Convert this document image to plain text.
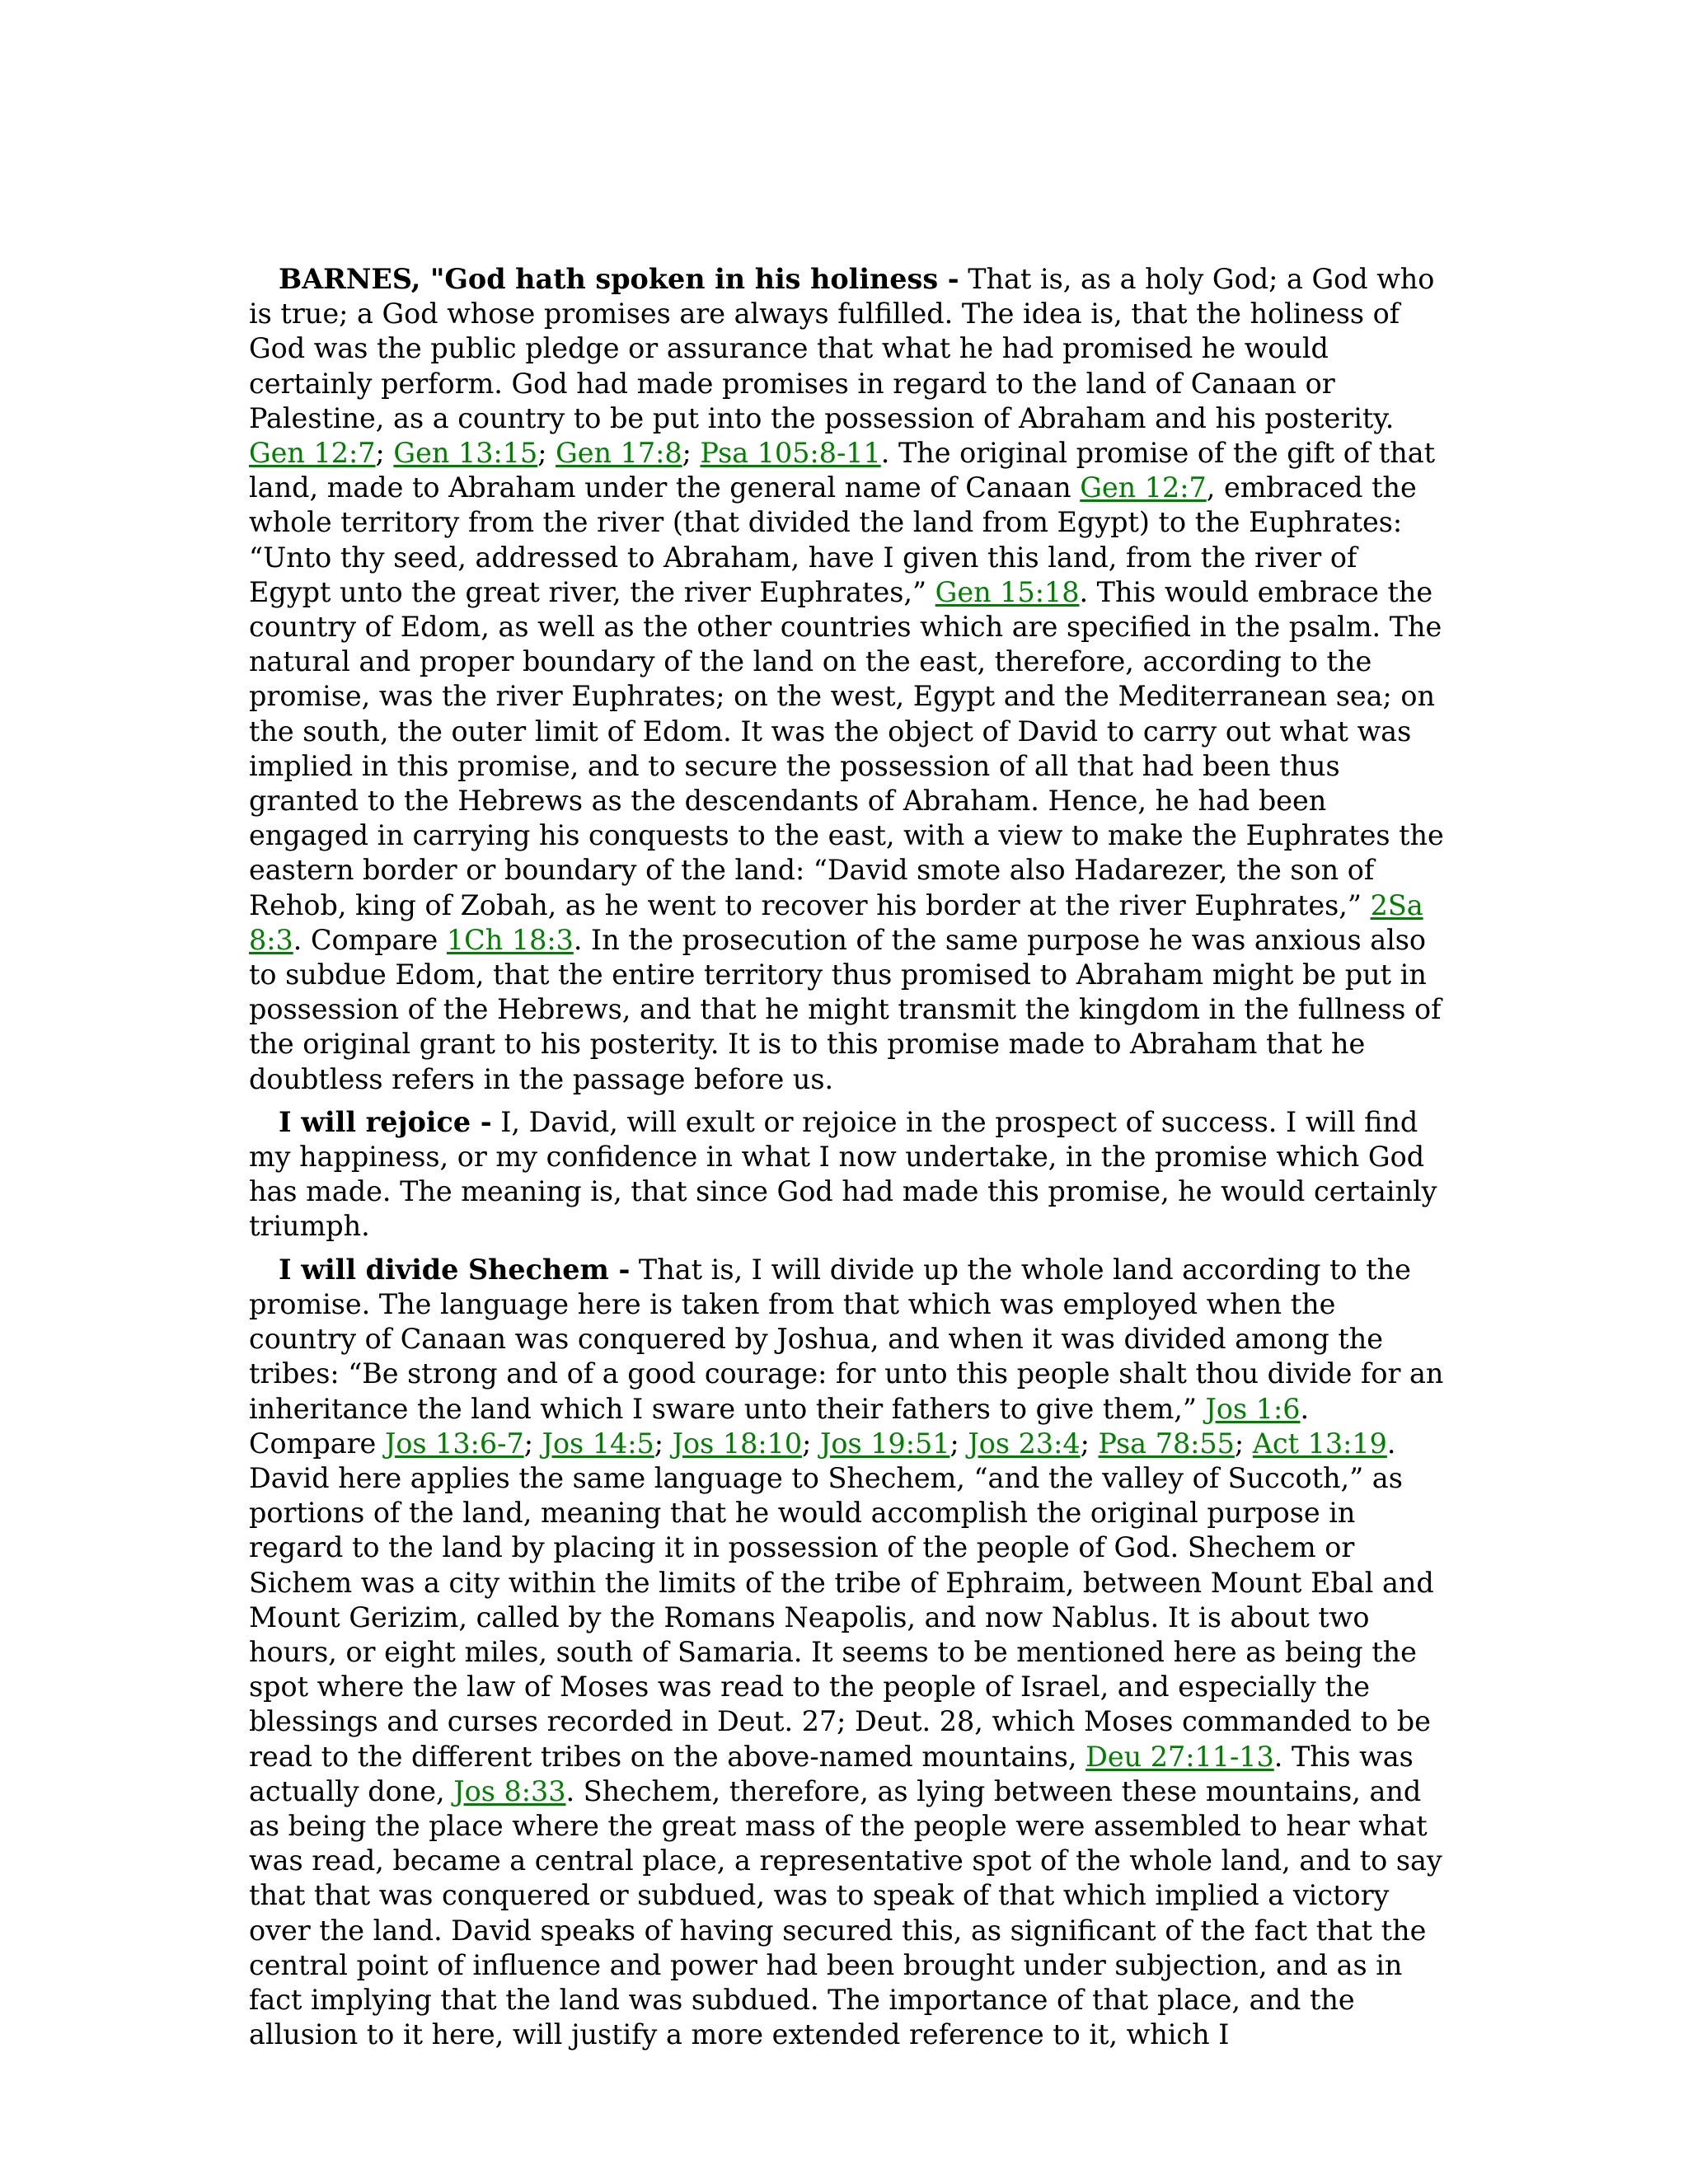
BARNES, "God hath spoken in his holiness - That is, as a holy God; a God who is true; a God whose promises are always fulfilled. The idea is, that the holiness of God was the public pledge or assurance that what he had promised he would certainly perform. God had made promises in regard to the land of Canaan or Palestine, as a country to be put into the possession of Abraham and his posterity. Gen 12:7; Gen 13:15; Gen 17:8; Psa 105:8-11. The original promise of the gift of that land, made to Abraham under the general name of Canaan Gen 12:7, embraced the whole territory from the river (that divided the land from Egypt) to the Euphrates: “Unto thy seed, addressed to Abraham, have I given this land, from the river of Egypt unto the great river, the river Euphrates,” Gen 15:18. This would embrace the country of Edom, as well as the other countries which are specified in the psalm. The natural and proper boundary of the land on the east, therefore, according to the promise, was the river Euphrates; on the west, Egypt and the Mediterranean sea; on the south, the outer limit of Edom. It was the object of David to carry out what was implied in this promise, and to secure the possession of all that had been thus granted to the Hebrews as the descendants of Abraham. Hence, he had been engaged in carrying his conquests to the east, with a view to make the Euphrates the eastern border or boundary of the land: “David smote also Hadarezer, the son of Rehob, king of Zobah, as he went to recover his border at the river Euphrates,” 2Sa 8:3. Compare 1Ch 18:3. In the prosecution of the same purpose he was anxious also to subdue Edom, that the entire territory thus promised to Abraham might be put in possession of the Hebrews, and that he might transmit the kingdom in the fullness of the original grant to his posterity. It is to this promise made to Abraham that he doubtless refers in the passage before us.

I will rejoice - I, David, will exult or rejoice in the prospect of success. I will find my happiness, or my confidence in what I now undertake, in the promise which God has made. The meaning is, that since God had made this promise, he would certainly triumph.

I will divide Shechem - That is, I will divide up the whole land according to the promise. The language here is taken from that which was employed when the country of Canaan was conquered by Joshua, and when it was divided among the tribes: “Be strong and of a good courage: for unto this people shalt thou divide for an inheritance the land which I sware unto their fathers to give them,” Jos 1:6. Compare Jos 13:6-7; Jos 14:5; Jos 18:10; Jos 19:51; Jos 23:4; Psa 78:55; Act 13:19. David here applies the same language to Shechem, “and the valley of Succoth,” as portions of the land, meaning that he would accomplish the original purpose in regard to the land by placing it in possession of the people of God. Shechem or Sichem was a city within the limits of the tribe of Ephraim, between Mount Ebal and Mount Gerizim, called by the Romans Neapolis, and now Nablus. It is about two hours, or eight miles, south of Samaria. It seems to be mentioned here as being the spot where the law of Moses was read to the people of Israel, and especially the blessings and curses recorded in Deut. 27; Deut. 28, which Moses commanded to be read to the different tribes on the above-named mountains, Deu 27:11-13. This was actually done, Jos 8:33. Shechem, therefore, as lying between these mountains, and as being the place where the great mass of the people were assembled to hear what was read, became a central place, a representative spot of the whole land, and to say that that was conquered or subdued, was to speak of that which implied a victory over the land. David speaks of having secured this, as significant of the fact that the central point of influence and power had been brought under subjection, and as in fact implying that the land was subdued. The importance of that place, and the allusion to it here, will justify a more extended reference to it, which I
